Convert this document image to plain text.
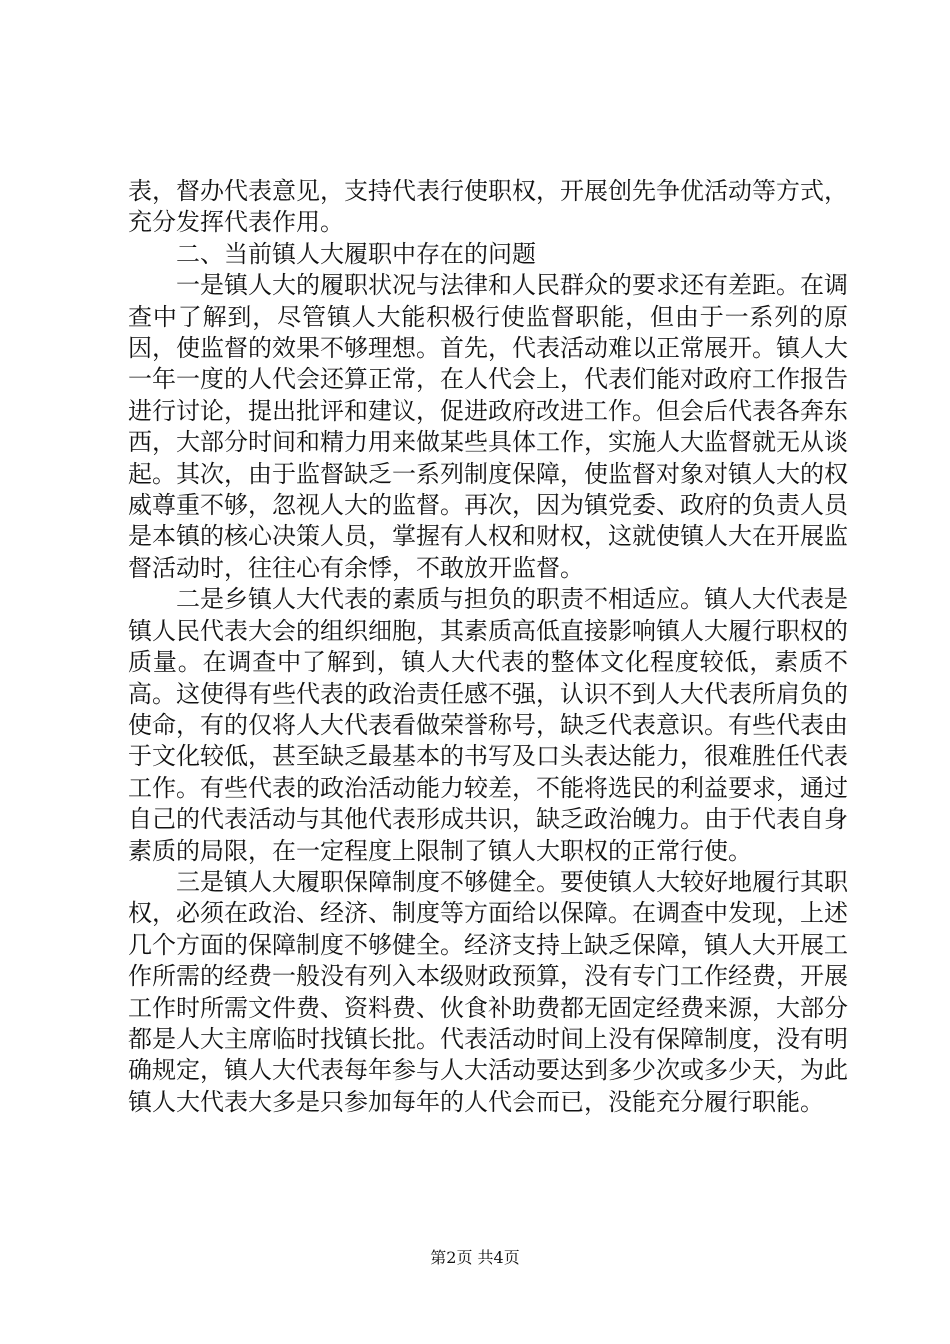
表，督办代表意见，支持代表行使职权，开展创先争优活动等方式，充分发挥代表作用。

二、当前镇人大履职中存在的问题

一是镇人大的履职状况与法律和人民群众的要求还有差距。在调查中了解到，尽管镇人大能积极行使监督职能，但由于一系列的原因，使监督的效果不够理想。首先，代表活动难以正常展开。镇人大一年一度的人代会还算正常，在人代会上，代表们能对政府工作报告进行讨论，提出批评和建议，促进政府改进工作。但会后代表各奔东西，大部分时间和精力用来做某些具体工作，实施人大监督就无从谈起。其次，由于监督缺乏一系列制度保障，使监督对象对镇人大的权威尊重不够，忽视人大的监督。再次，因为镇党委、政府的负责人员是本镇的核心决策人员，掌握有人权和财权，这就使镇人大在开展监督活动时，往往心有余悸，不敢放开监督。

二是乡镇人大代表的素质与担负的职责不相适应。镇人大代表是镇人民代表大会的组织细胞，其素质高低直接影响镇人大履行职权的质量。在调查中了解到，镇人大代表的整体文化程度较低，素质不高。这使得有些代表的政治责任感不强，认识不到人大代表所肩负的使命，有的仅将人大代表看做荣誉称号，缺乏代表意识。有些代表由于文化较低，甚至缺乏最基本的书写及口头表达能力，很难胜任代表工作。有些代表的政治活动能力较差，不能将选民的利益要求，通过自己的代表活动与其他代表形成共识，缺乏政治魄力。由于代表自身素质的局限，在一定程度上限制了镇人大职权的正常行使。

三是镇人大履职保障制度不够健全。要使镇人大较好地履行其职权，必须在政治、经济、制度等方面给以保障。在调查中发现，上述几个方面的保障制度不够健全。经济支持上缺乏保障，镇人大开展工作所需的经费一般没有列入本级财政预算，没有专门工作经费，开展工作时所需文件费、资料费、伙食补助费都无固定经费来源，大部分都是人大主席临时找镇长批。代表活动时间上没有保障制度，没有明确规定，镇人大代表每年参与人大活动要达到多少次或多少天，为此镇人大代表大多是只参加每年的人代会而已，没能充分履行职能。

第2页 共4页
